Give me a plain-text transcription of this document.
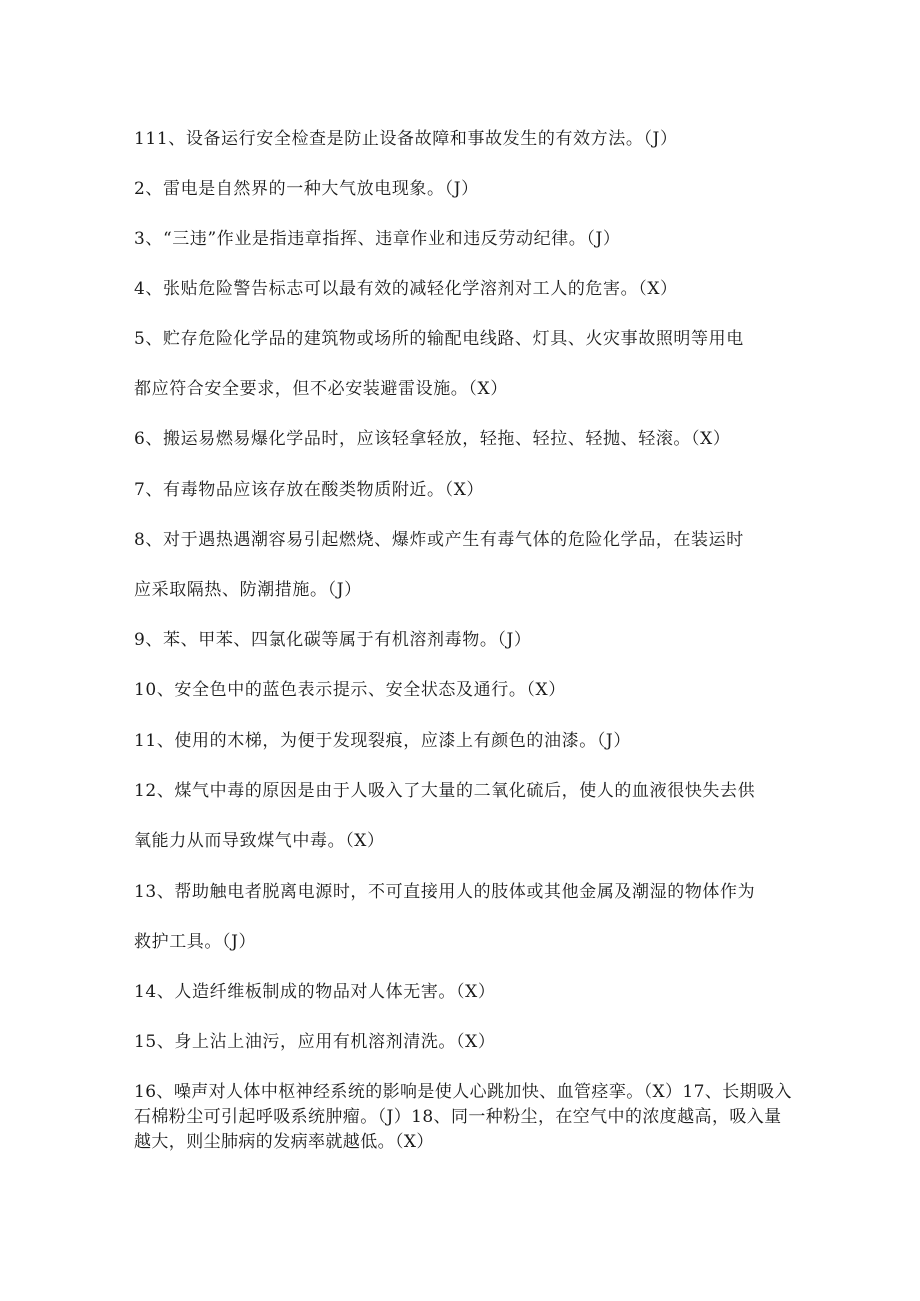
111、设备运行安全检查是防止设备故障和事故发生的有效方法。（J）
2、雷电是自然界的一种大气放电现象。（J）
3、“三违”作业是指违章指挥、违章作业和违反劳动纪律。（J）
4、张贴危险警告标志可以最有效的减轻化学溶剂对工人的危害。（X）
5、贮存危险化学品的建筑物或场所的输配电线路、灯具、火灾事故照明等用电
都应符合安全要求，但不必安装避雷设施。（X）
6、搬运易燃易爆化学品时，应该轻拿轻放，轻拖、轻拉、轻抛、轻滚。（X）
7、有毒物品应该存放在酸类物质附近。（X）
8、对于遇热遇潮容易引起燃烧、爆炸或产生有毒气体的危险化学品，在装运时
应采取隔热、防潮措施。（J）
9、苯、甲苯、四氯化碳等属于有机溶剂毒物。（J）
10、安全色中的蓝色表示提示、安全状态及通行。（X）
11、使用的木梯，为便于发现裂痕，应漆上有颜色的油漆。（J）
12、煤气中毒的原因是由于人吸入了大量的二氧化硫后，使人的血液很快失去供
氧能力从而导致煤气中毒。（X）
13、帮助触电者脱离电源时，不可直接用人的肢体或其他金属及潮湿的物体作为
救护工具。（J）
14、人造纤维板制成的物品对人体无害。（X）
15、身上沾上油污，应用有机溶剂清洗。（X）
16、噪声对人体中枢神经系统的影响是使人心跳加快、血管痉挛。（X）17、长期吸入石棉粉尘可引起呼吸系统肿瘤。（J）18、同一种粉尘，在空气中的浓度越高，吸入量越大，则尘肺病的发病率就越低。（X）
